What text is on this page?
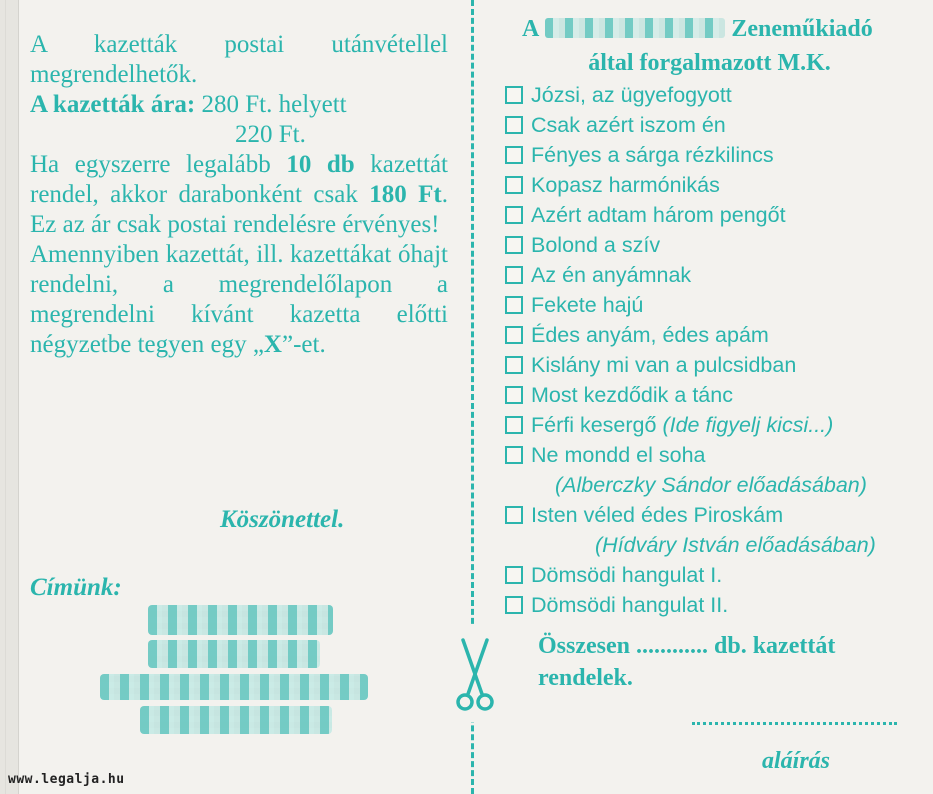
A kazetták postai utánvétellel megrendelhetők.

A kazetták ára: 280 Ft. helyett

220 Ft.

Ha egyszerre legalább 10 db kazettát rendel, akkor darabonként csak 180 Ft. Ez az ár csak postai rendelésre érvényes!

Amennyiben kazettát, ill. kazettákat óhajt rendelni, a megrendelőlapon a megrendelni kívánt kazetta előtti négyzetbe tegyen egy „X”-et.

Köszönettel.
Címünk:
A	Zeneműkiadó
által forgalmazott M.K.
Józsi, az ügyefogyott
Csak azért iszom én
Fényes a sárga rézkilincs
Kopasz harmónikás
Azért adtam három pengőt
Bolond a szív
Az én anyámnak
Fekete hajú
Édes anyám, édes apám
Kislány mi van a pulcsidban
Most kezdődik a tánc
Férfi kesergő (Ide figyelj kicsi...)
Ne mondd el soha
(Alberczky Sándor előadásában)
Isten véled édes Piroskám
(Hídváry István előadásában)
Dömsödi hangulat I.
Dömsödi hangulat II.
Összesen ............ db. kazettát
rendelek.
aláírás
www.legalja.hu
